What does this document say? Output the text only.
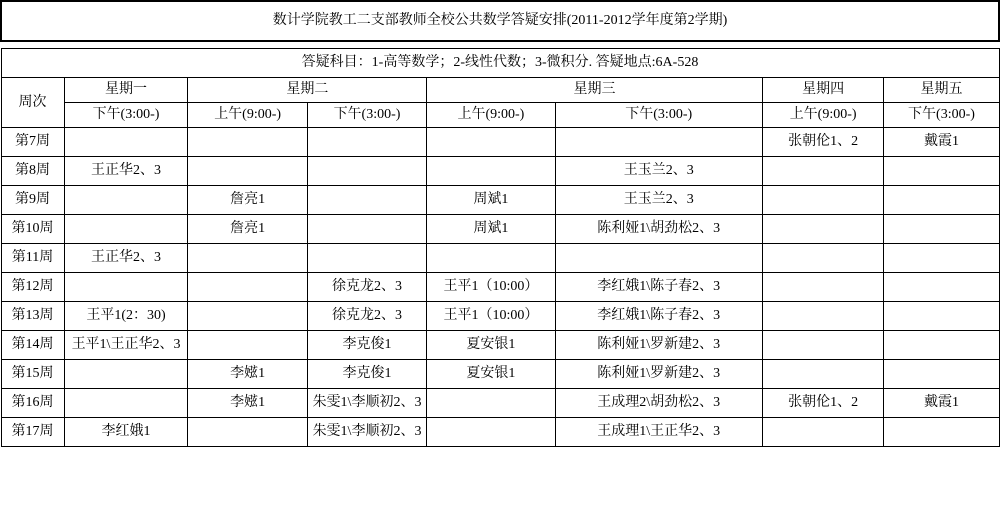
数计学院教工二支部教师全校公共数学答疑安排(2011-2012学年度第2学期)							

答疑科目：1-高等数学；2-线性代数；3-微积分. 答疑地点:6A-528							
周次	星期一	星期二		星期三		星期四	星期五
	下午(3:00-)	上午(9:00-)	下午(3:00-)	上午(9:00-)	下午(3:00-)	上午(9:00-)	下午(3:00-)
第7周						张朝伦1、2	戴霞1
第8周	王正华2、3				王玉兰2、3		
第9周		詹亮1		周斌1	王玉兰2、3		
第10周		詹亮1		周斌1	陈利娅1\胡劲松2、3		
第11周	王正华2、3						
第12周			徐克龙2、3	王平1（10:00）	李红娥1\陈子春2、3		
第13周	王平1(2：30)		徐克龙2、3	王平1（10:00）	李红娥1\陈子春2、3		
第14周	王平1\王正华2、3		李克俊1	夏安银1	陈利娅1\罗新建2、3		
第15周		李娹1	李克俊1	夏安银1	陈利娅1\罗新建2、3		
第16周		李娹1	朱雯1\李顺初2、3		王成理2\胡劲松2、3	张朝伦1、2	戴霞1
第17周	李红娥1		朱雯1\李顺初2、3		王成理1\王正华2、3		
